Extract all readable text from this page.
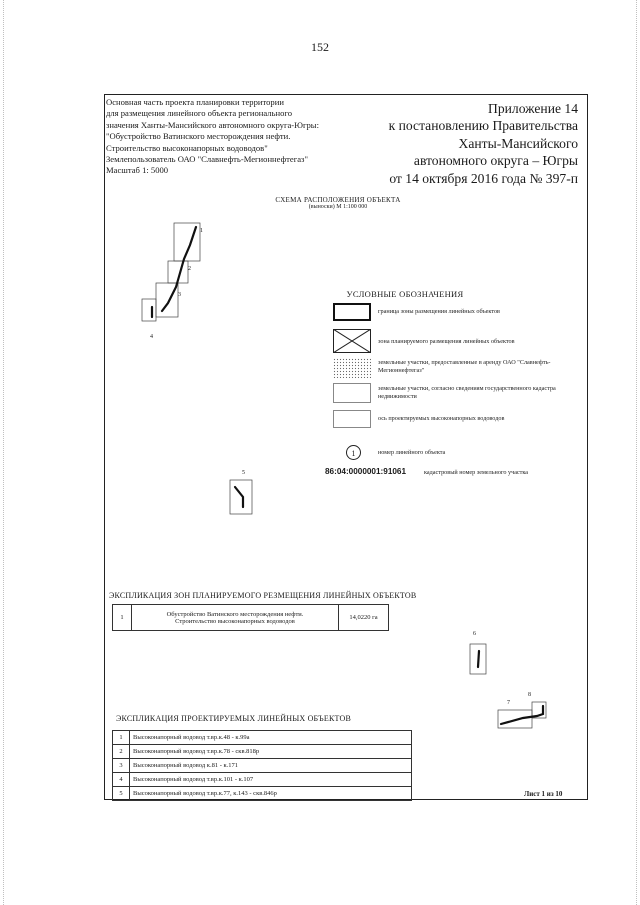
152
Основная часть проекта планировки территории
для размещения линейного объекта регионального
значения Ханты-Мансийского автономного округа-Югры:
"Обустройство Ватинского месторождения нефти.
Строительство высоконапорных водоводов"
Землепользователь ОАО "Славнефть-Мегионнефтегаз"
Масштаб 1: 5000
Приложение 14
к постановлению Правительства
Ханты-Мансийского
автономного округа – Югры
от 14 октября 2016 года № 397-п
СХЕМА РАСПОЛОЖЕНИЯ ОБЪЕКТА
(выноски) М 1:100 000
1
2
3
4
УСЛОВНЫЕ ОБОЗНАЧЕНИЯ
граница зоны размещения линейных объектов
зона планируемого размещения линейных объектов
земельные участки, предоставленные в аренду ОАО "Славнефть-Мегионнефтегаз"
земельные участки, согласно сведениям государственного кадастра недвижимости
ось проектируемых высоконапорных водоводов
1	номер линейного объекта
86:04:0000001:91061	кадастровый номер земельного участка
5
ЭКСПЛИКАЦИЯ ЗОН ПЛАНИРУЕМОГО РЕЗМЕЩЕНИЯ ЛИНЕЙНЫХ ОБЪЕКТОВ
1	Обустройство Ватинского месторождения нефти.
Строительство высоконапорных водоводов	14,0220 га
6
7
8
ЭКСПЛИКАЦИЯ ПРОЕКТИРУЕМЫХ ЛИНЕЙНЫХ ОБЪЕКТОВ
1	Высоконапорный водовод т.вр.к.48 - к.99а
2	Высоконапорный водовод т.вр.к.78 - скв.818р
3	Высоконапорный водовод к.81 - к.171
4	Высоконапорный водовод т.вр.к.101 - к.107
5	Высоконапорный водовод т.вр.к.77, к.143 - скв.846р	Лист 1 из 10
